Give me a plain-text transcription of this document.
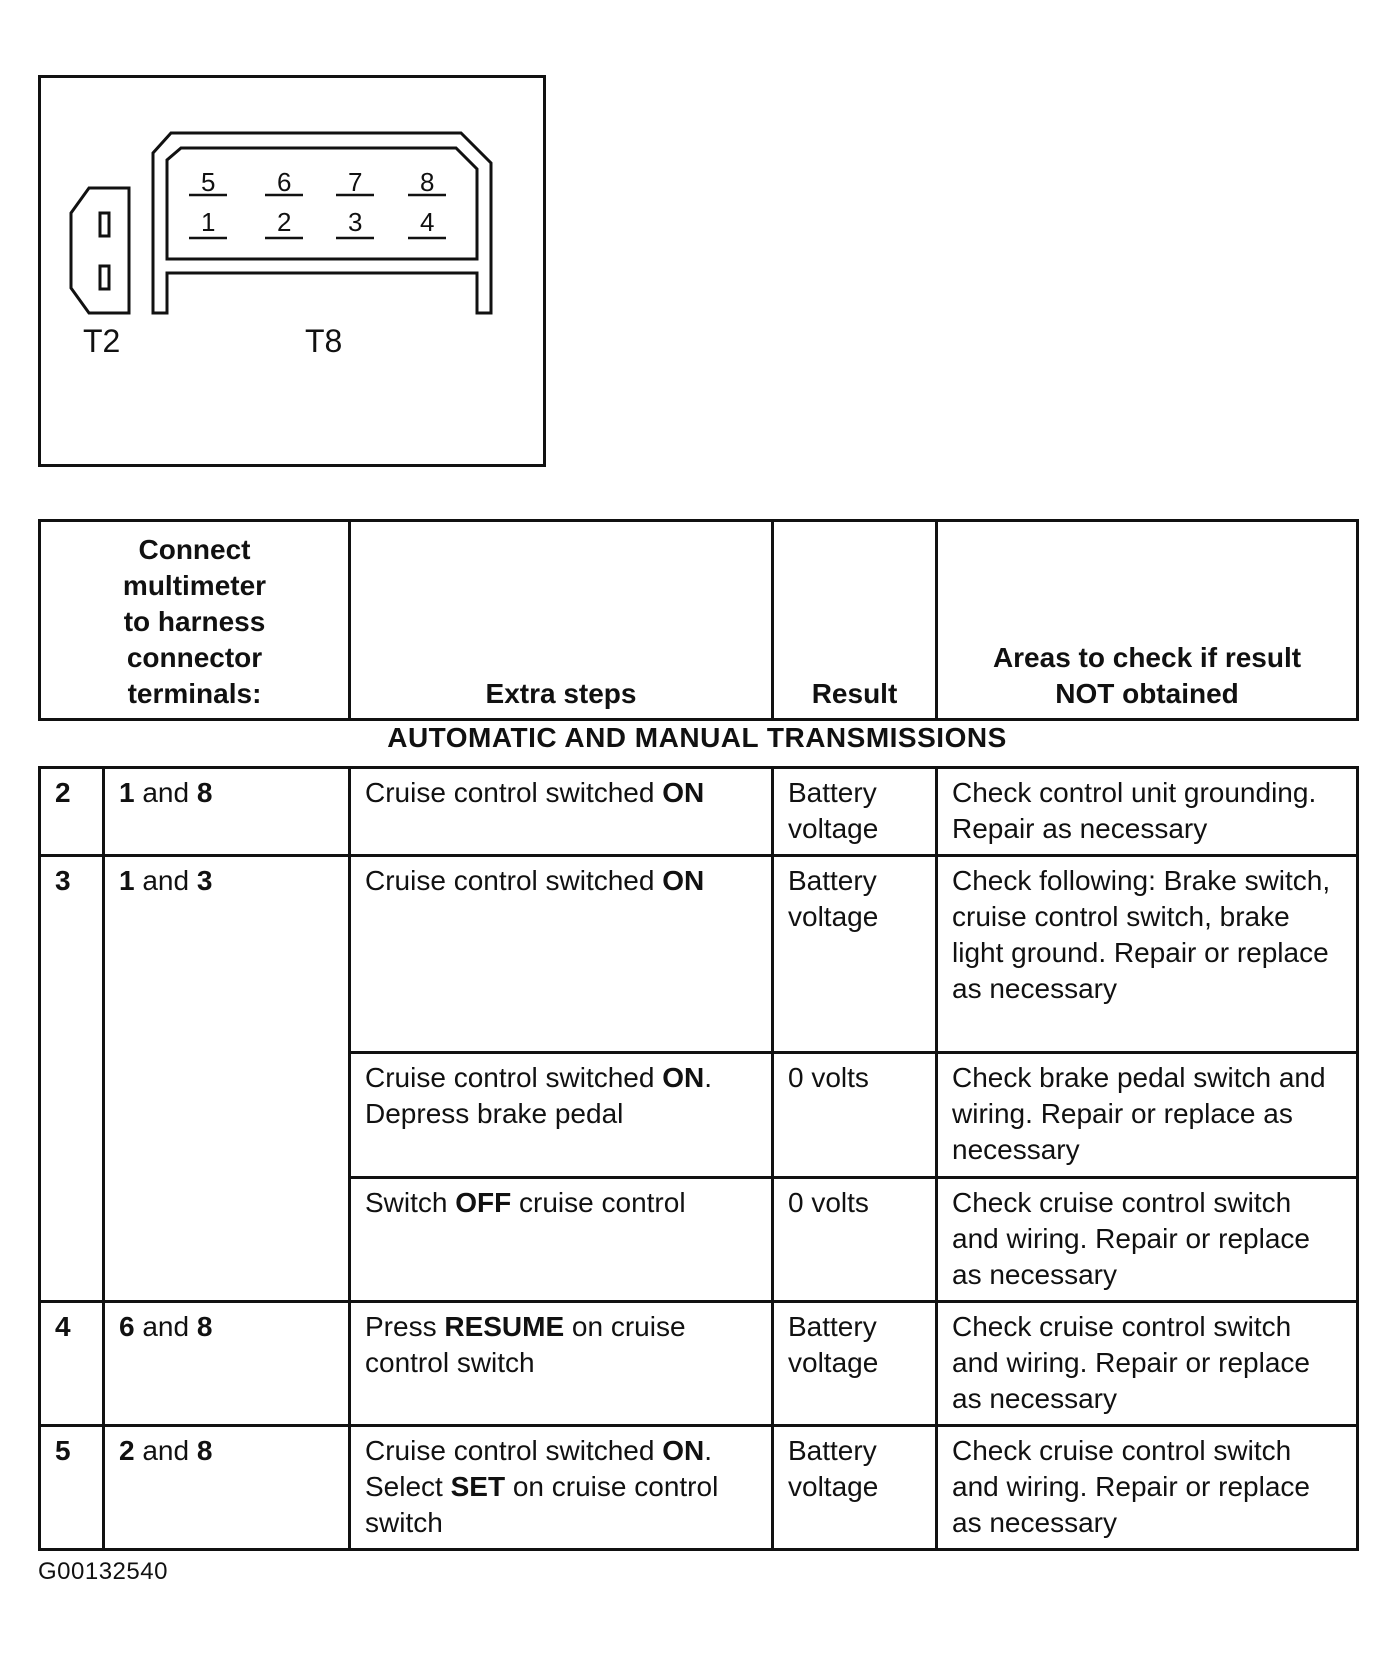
T2	T8
5 6 7 8
1 2 3 4
Connect multimeter to harness connector terminals:	Extra steps	Result	Areas to check if result NOT obtained
AUTOMATIC AND MANUAL TRANSMISSIONS
2	1 and 8	Cruise control switched ON	Battery voltage	Check control unit grounding. Repair as necessary
3	1 and 3	Cruise control switched ON	Battery voltage	Check following: Brake switch, cruise control switch, brake light ground. Repair or replace as necessary
		Cruise control switched ON. Depress brake pedal	0 volts	Check brake pedal switch and wiring. Repair or replace as necessary
		Switch OFF cruise control	0 volts	Check cruise control switch and wiring. Repair or replace as necessary
4	6 and 8	Press RESUME on cruise control switch	Battery voltage	Check cruise control switch and wiring. Repair or replace as necessary
5	2 and 8	Cruise control switched ON. Select SET on cruise control switch	Battery voltage	Check cruise control switch and wiring. Repair or replace as necessary
G00132540
